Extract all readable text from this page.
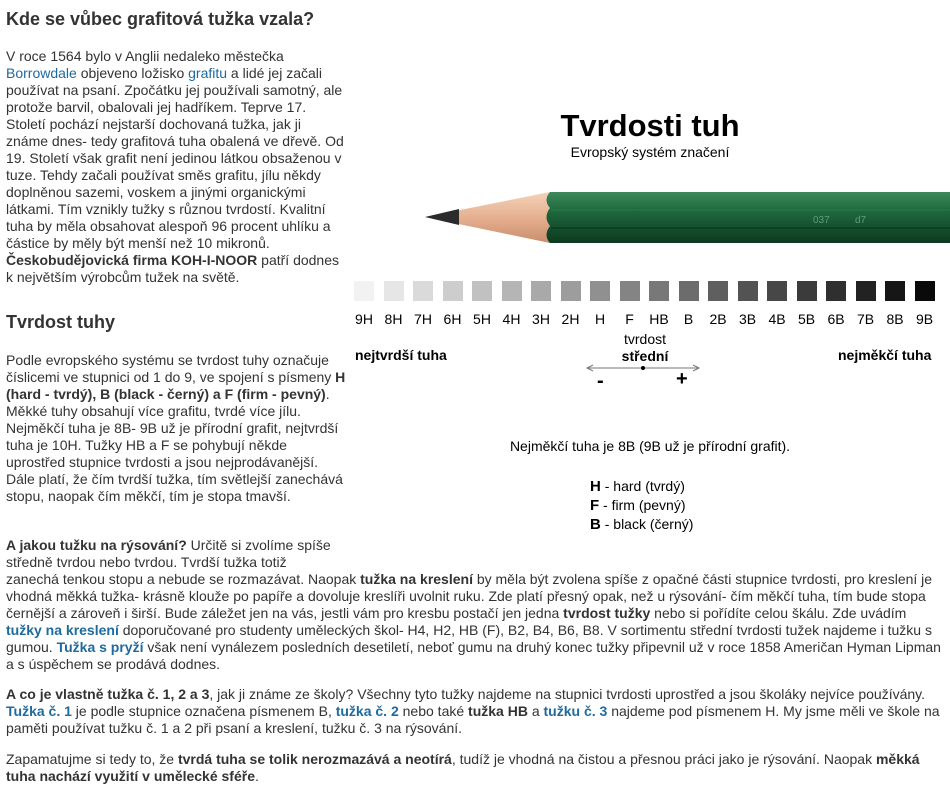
Kde se vůbec grafitová tužka vzala?

V roce 1564 bylo v Anglii nedaleko městečka Borrowdale objeveno ložisko grafitu a lidé jej začali používat na psaní. Zpočátku jej používali samotný, ale protože barvil, obalovali jej hadříkem. Teprve 17. Století pochází nejstarší dochovaná tužka, jak ji známe dnes- tedy grafitová tuha obalená ve dřevě. Od 19. Století však grafit není jedinou látkou obsaženou v tuze. Tehdy začali používat směs grafitu, jílu někdy doplněnou sazemi, voskem a jinými organickými látkami. Tím vznikly tužky s různou tvrdostí. Kvalitní tuha by měla obsahovat alespoň 96 procent uhlíku a částice by měly být menší než 10 mikronů. Českobudějovická firma KOH-I-NOOR patří dodnes k největším výrobcům tužek na světě.

Tvrdost tuhy

Podle evropského systému se tvrdost tuhy označuje číslicemi ve stupnici od 1 do 9, ve spojení s písmeny H (hard - tvrdý), B (black - černý) a F (firm - pevný). Měkké tuhy obsahují více grafitu, tvrdé více jílu. Nejměkčí tuha je 8B- 9B už je přírodní grafit, nejtvrdší tuha je 10H. Tužky HB a F se pohybují někde uprostřed stupnice tvrdosti a jsou nejprodávanější. Dále platí, že čím tvrdší tužka, tím světlejší zanechává stopu, naopak čím měkčí, tím je stopa tmavší.

A jakou tužku na rýsování? Určitě si zvolíme spíše středně tvrdou nebo tvrdou. Tvrdší tužka totiž zanechá tenkou stopu a nebude se rozmazávat. Naopak tužka na kreslení by měla být zvolena spíše z opačné části stupnice tvrdosti, pro kreslení je vhodná měkká tužka- krásně klouže po papíře a dovoluje kreslíři uvolnit ruku. Zde platí přesný opak, než u rýsování- čím měkčí tuha, tím bude stopa černější a zároveň i širší. Bude záležet jen na vás, jestli vám pro kresbu postačí jen jedna tvrdost tužky nebo si pořídíte celou škálu. Zde uvádím tužky na kreslení doporučované pro studenty uměleckých škol- H4, H2, HB (F), B2, B4, B6, B8. V sortimentu střední tvrdosti tužek najdeme i tužku s gumou. Tužka s pryží však není vynálezem posledních desetiletí, neboť gumu na druhý konec tužky připevnil už v roce 1858 Američan Hyman Lipman a s úspěchem se prodává dodnes.

A co je vlastně tužka č. 1, 2 a 3, jak ji známe ze školy? Všechny tyto tužky najdeme na stupnici tvrdosti uprostřed a jsou školáky nejvíce používány. Tužka č. 1 je podle stupnice označena písmenem B, tužka č. 2 nebo také tužka HB a tužku č. 3 najdeme pod písmenem H. My jsme měli ve škole na paměti používat tužku č. 1 a 2 při psaní a kreslení, tužku č. 3 na rýsování.

Zapamatujme si tedy to, že tvrdá tuha se tolik nerozmazává a neotírá, tudíž je vhodná na čistou a přesnou práci jako je rýsování. Naopak měkká tuha nachází využití v umělecké sféře.

Tvrdosti tuh
Evropský systém značení
037	d7
nejtvrdší tuha	nejměkčí tuha
tvrdost
střední
-	+
Nejměkčí tuha je 8B (9B už je přírodní grafit).
H - hard (tvrdý)
F - firm (pevný)
B - black (černý)
9H 8H 7H 6H 5H 4H 3H 2H	H	F	HB	B	2B 3B 4B 5B 6B 7B 8B 9B
